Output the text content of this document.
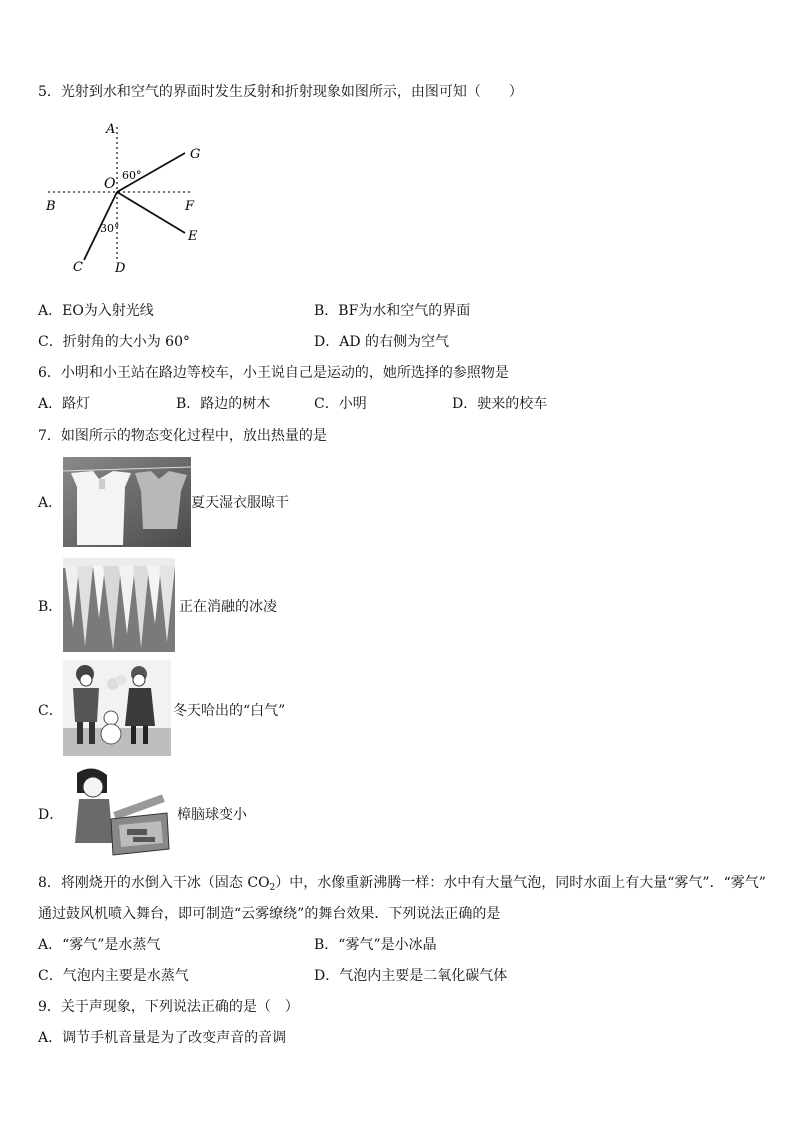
5．光射到水和空气的界面时发生反射和折射现象如图所示，由图可知（　　）
A
G
O
60°
B	F
E
30°
C D
A．EO为入射光线	B．BF为水和空气的界面
C．折射角的大小为 60°	D．AD 的右侧为空气
6．小明和小王站在路边等校车，小王说自己是运动的，她所选择的参照物是
A．路灯	B．路边的树木	C．小明	D．驶来的校车
7．如图所示的物态变化过程中，放出热量的是
A．	夏天湿衣服晾干
B．	正在消融的冰凌
C．	冬天哈出的“白气”
D．	樟脑球变小
8．将刚烧开的水倒入干冰（固态 $CO_2$）中，水像重新沸腾一样：水中有大量气泡，同时水面上有大量“雾气”．“雾气”
通过鼓风机喷入舞台，即可制造“云雾缭绕”的舞台效果．下列说法正确的是
A．“雾气”是水蒸气	B．“雾气”是小冰晶
C．气泡内主要是水蒸气	D．气泡内主要是二氧化碳气体
9．关于声现象，下列说法正确的是（　）
A．调节手机音量是为了改变声音的音调
